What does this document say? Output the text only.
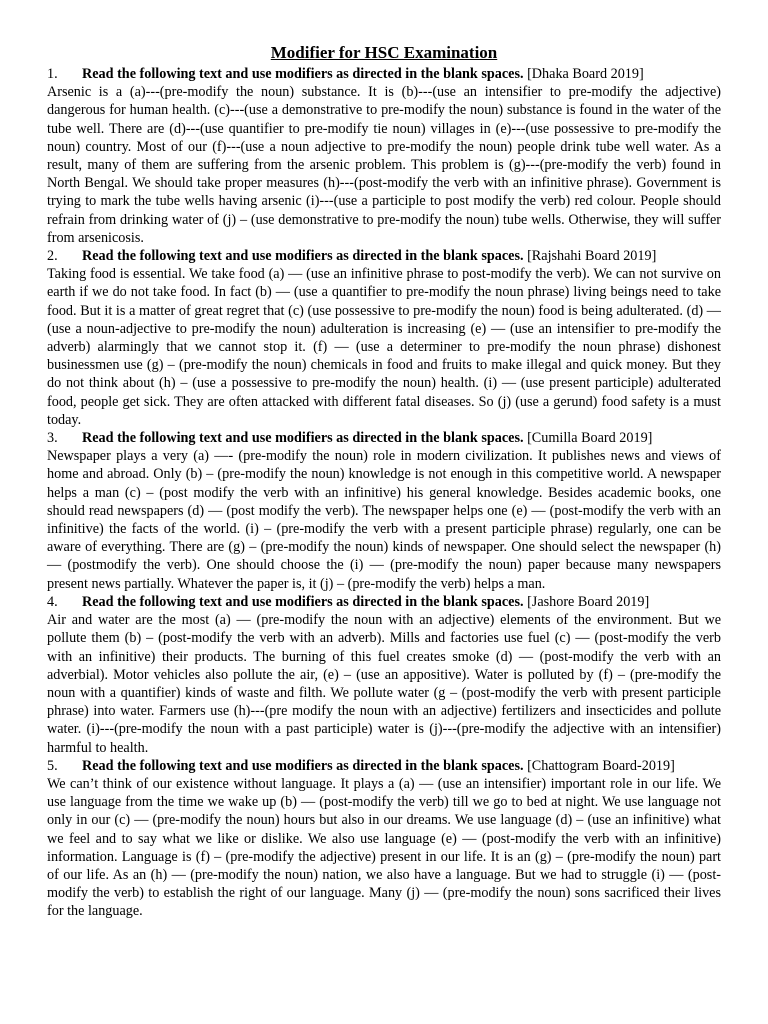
Modifier for HSC Examination

1. Read the following text and use modifiers as directed in the blank spaces. [Dhaka Board 2019]

Arsenic is a (a)---(pre-modify the noun) substance. It is (b)---(use an intensifier to pre-modify the adjective) dangerous for human health. (c)---(use a demonstrative to pre-modify the noun) substance is found in the water of the tube well. There are (d)---(use quantifier to pre-modify tie noun) villages in (e)---(use possessive to pre-modify the noun) country. Most of our (f)---(use a noun adjective to pre-modify the noun) people drink tube well water. As a result, many of them are suffering from the arsenic problem. This problem is (g)---(pre-modify the verb) found in North Bengal. We should take proper measures (h)---(post-modify the verb with an infinitive phrase). Government is trying to mark the tube wells having arsenic (i)---(use a participle to post modify the verb) red colour. People should refrain from drinking water of (j) – (use demonstrative to pre-modify the noun) tube wells. Otherwise, they will suffer from arsenicosis.

2. Read the following text and use modifiers as directed in the blank spaces. [Rajshahi Board 2019]

Taking food is essential. We take food (a) — (use an infinitive phrase to post-modify the verb). We can not survive on earth if we do not take food. In fact (b) — (use a quantifier to pre-modify the noun phrase) living beings need to take food. But it is a matter of great regret that (c) (use possessive to pre-modify the noun) food is being adulterated. (d) — (use a noun-adjective to pre-modify the noun) adulteration is increasing (e) — (use an intensifier to pre-modify the adverb) alarmingly that we cannot stop it. (f) — (use a determiner to pre-modify the noun phrase) dishonest businessmen use (g) – (pre-modify the noun) chemicals in food and fruits to make illegal and quick money. But they do not think about (h) – (use a possessive to pre-modify the noun) health. (i) — (use present participle) adulterated food, people get sick. They are often attacked with different fatal diseases. So (j) (use a gerund) food safety is a must today.

3. Read the following text and use modifiers as directed in the blank spaces. [Cumilla Board 2019]

Newspaper plays a very (a) —- (pre-modify the noun) role in modern civilization. It publishes news and views of home and abroad. Only (b) – (pre-modify the noun) knowledge is not enough in this competitive world. A newspaper helps a man (c) – (post modify the verb with an infinitive) his general knowledge. Besides academic books, one should read newspapers (d) — (post modify the verb). The newspaper helps one (e) — (post-modify the verb with an infinitive) the facts of the world. (i) – (pre-modify the verb with a present participle phrase) regularly, one can be aware of everything. There are (g) – (pre-modify the noun) kinds of newspaper. One should select the newspaper (h) — (postmodify the verb). One should choose the (i) — (pre-modify the noun) paper because many newspapers present news partially. Whatever the paper is, it (j) – (pre-modify the verb) helps a man.

4. Read the following text and use modifiers as directed in the blank spaces. [Jashore Board 2019]

Air and water are the most (a) — (pre-modify the noun with an adjective) elements of the environment. But we pollute them (b) – (post-modify the verb with an adverb). Mills and factories use fuel (c) — (post-modify the verb with an infinitive) their products. The burning of this fuel creates smoke (d) — (post-modify the verb with an adverbial). Motor vehicles also pollute the air, (e) – (use an appositive). Water is polluted by (f) – (pre-modify the noun with a quantifier) kinds of waste and filth. We pollute water (g – (post-modify the verb with present participle phrase) into water. Farmers use (h)---(pre modify the noun with an adjective) fertilizers and insecticides and pollute water. (i)---(pre-modify the noun with a past participle) water is (j)---(pre-modify the adjective with an intensifier) harmful to health.

5. Read the following text and use modifiers as directed in the blank spaces. [Chattogram Board-2019]

We can’t think of our existence without language. It plays a (a) — (use an intensifier) important role in our life. We use language from the time we wake up (b) — (post-modify the verb) till we go to bed at night. We use language not only in our (c) — (pre-modify the noun) hours but also in our dreams. We use language (d) – (use an infinitive) what we feel and to say what we like or dislike. We also use language (e) — (post-modify the verb with an infinitive) information. Language is (f) – (pre-modify the adjective) present in our life. It is an (g) – (pre-modify the noun) part of our life. As an (h) — (pre-modify the noun) nation, we also have a language. But we had to struggle (i) — (post-modify the verb) to establish the right of our language. Many (j) — (pre-modify the noun) sons sacrificed their lives for the language.
